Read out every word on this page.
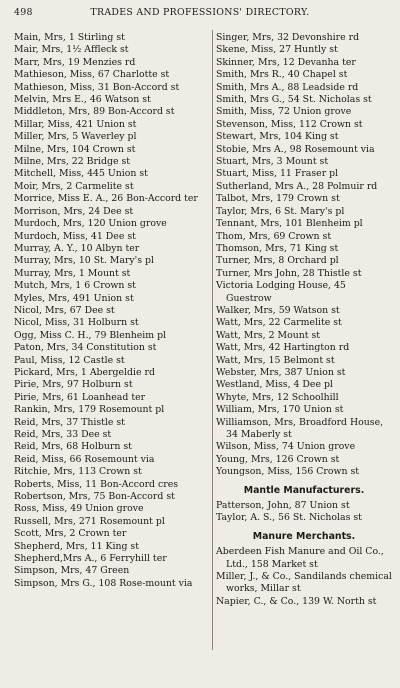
498	TRADES AND PROFESSIONS' DIRECTORY.
Main, Mrs, 1 Stirling st
Mair, Mrs, 1½ Affleck st
Marr, Mrs, 19 Menzies rd
Mathieson, Miss, 67 Charlotte st
Mathieson, Miss, 31 Bon-Accord st
Melvin, Mrs E., 46 Watson st
Middleton, Mrs, 89 Bon-Accord st
Millar, Miss, 421 Union st
Miller, Mrs, 5 Waverley pl
Milne, Mrs, 104 Crown st
Milne, Mrs, 22 Bridge st
Mitchell, Miss, 445 Union st
Moir, Mrs, 2 Carmelite st
Morrice, Miss E. A., 26 Bon-Accord ter
Morrison, Mrs, 24 Dee st
Murdoch, Mrs, 120 Union grove
Murdoch, Miss, 41 Dee st
Murray, A. Y., 10 Albyn ter
Murray, Mrs, 10 St. Mary's pl
Murray, Mrs, 1 Mount st
Mutch, Mrs, 1 6 Crown st
Myles, Mrs, 491 Union st
Nicol, Mrs, 67 Dee st
Nicol, Miss, 31 Holburn st
Ogg, Miss C. H., 79 Blenheim pl
Paton, Mrs, 34 Constitution st
Paul, Miss, 12 Castle st
Pickard, Mrs, 1 Abergeldie rd
Pirie, Mrs, 97 Holburn st
Pirie, Mrs, 61 Loanhead ter
Rankin, Mrs, 179 Rosemount pl
Reid, Mrs, 37 Thistle st
Reid, Mrs, 33 Dee st
Reid, Mrs, 68 Holburn st
Reid, Miss, 66 Rosemount via
Ritchie, Mrs, 113 Crown st
Roberts, Miss, 11 Bon-Accord cres
Robertson, Mrs, 75 Bon-Accord st
Ross, Miss, 49 Union grove
Russell, Mrs, 271 Rosemount pl
Scott, Mrs, 2 Crown ter
Shepherd, Mrs, 11 King st
Shepherd,Mrs A., 6 Ferryhill ter
Simpson, Mrs, 47 Green
Simpson, Mrs G., 108 Rose-mount via
Singer, Mrs, 32 Devonshire rd
Skene, Miss, 27 Huntly st
Skinner, Mrs, 12 Devanha ter
Smith, Mrs R., 40 Chapel st
Smith, Mrs A., 88 Leadside rd
Smith, Mrs G., 54 St. Nicholas st
Smith, Miss, 72 Union grove
Stevenson, Miss, 112 Crown st
Stewart, Mrs, 104 King st
Stobie, Mrs A., 98 Rosemount via
Stuart, Mrs, 3 Mount st
Stuart, Miss, 11 Fraser pl
Sutherland, Mrs A., 28 Polmuir rd
Talbot, Mrs, 179 Crown st
Taylor, Mrs, 6 St. Mary's pl
Tennant, Mrs, 101 Blenheim pl
Thom, Mrs, 69 Crown st
Thomson, Mrs, 71 King st
Turner, Mrs, 8 Orchard pl
Turner, Mrs John, 28 Thistle st
Victoria Lodging House, 45 Guestrow
Walker, Mrs, 59 Watson st
Watt, Mrs, 22 Carmelite st
Watt, Mrs, 2 Mount st
Watt, Mrs, 42 Hartington rd
Watt, Mrs, 15 Belmont st
Webster, Mrs, 387 Union st
Westland, Miss, 4 Dee pl
Whyte, Mrs, 12 Schoolhill
William, Mrs, 170 Union st
Williamson, Mrs, Broadford House, 34 Maberly st
Wilson, Miss, 74 Union grove
Young, Mrs, 126 Crown st
Youngson, Miss, 156 Crown st
Mantle Manufacturers.
Patterson, John, 87 Union st
Taylor, A. S., 56 St. Nicholas st
Manure Merchants.
Aberdeen Fish Manure and Oil Co., Ltd., 158 Market st
Miller, J., & Co., Sandilands chemical works, Millar st
Napier, C., & Co., 139 W. North st
